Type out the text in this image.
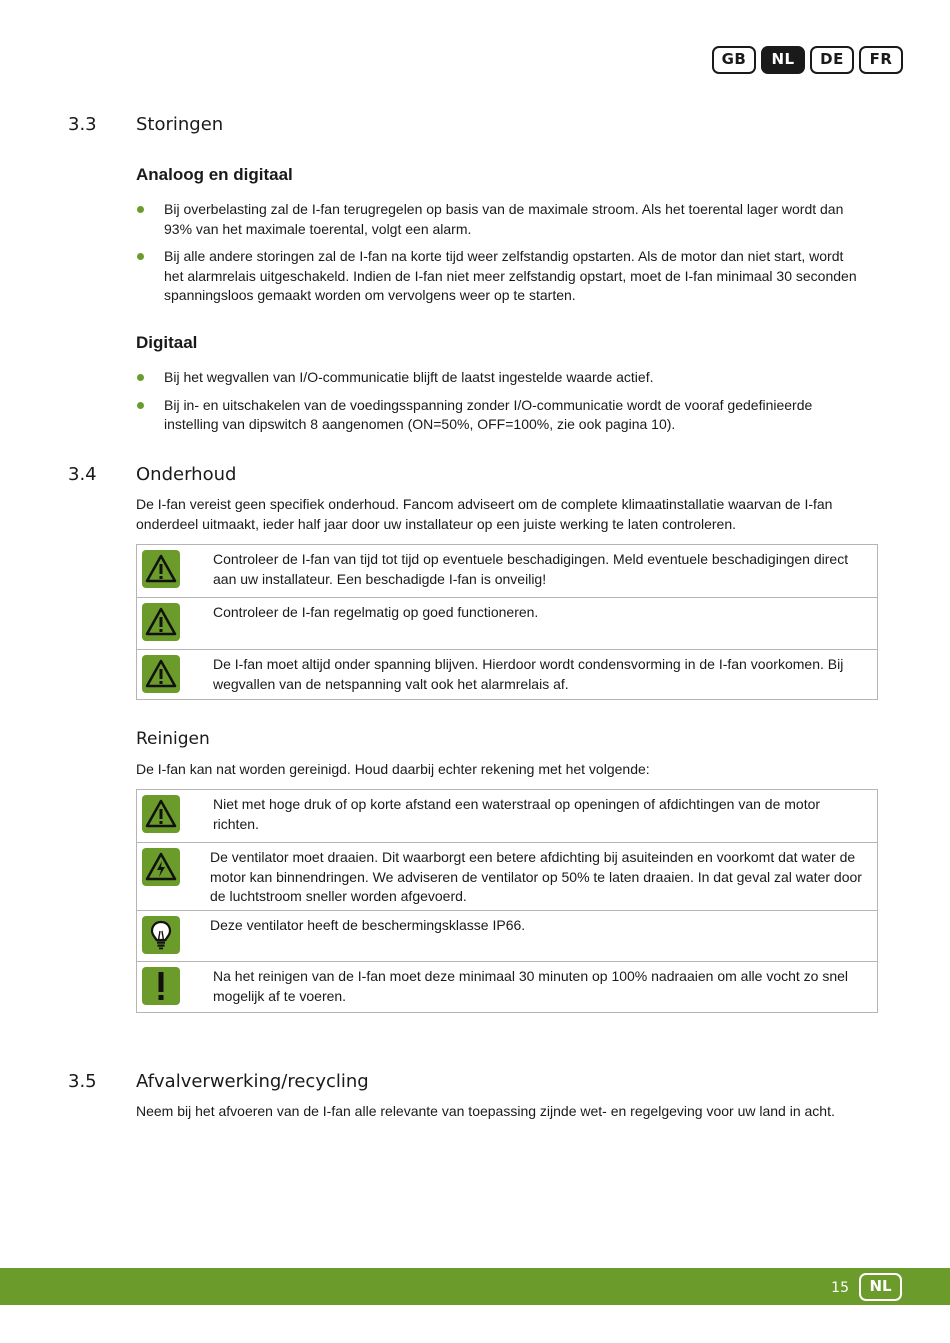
GB	NL	DE	FR
3.3 Storingen
Analoog en digitaal
Bij overbelasting zal de I-fan terugregelen op basis van de maximale stroom. Als het toerental lager wordt dan 93% van het maximale toerental, volgt een alarm.
Bij alle andere storingen zal de I-fan na korte tijd weer zelfstandig opstarten. Als de motor dan niet start, wordt het alarmrelais uitgeschakeld. Indien de I-fan niet meer zelfstandig opstart, moet de I-fan minimaal 30 seconden spanningsloos gemaakt worden om vervolgens weer op te starten.
Digitaal
Bij het wegvallen van I/O-communicatie blijft de laatst ingestelde waarde actief.
Bij in- en uitschakelen van de voedingsspanning zonder I/O-communicatie wordt de vooraf gedefinieerde instelling van dipswitch 8 aangenomen (ON=50%, OFF=100%, zie ook pagina 10).
3.4 Onderhoud
De I-fan vereist geen specifiek onderhoud. Fancom adviseert om de complete klimaatinstallatie waarvan de I-fan onderdeel uitmaakt, ieder half jaar door uw installateur op een juiste werking te laten controleren.
Controleer de I-fan van tijd tot tijd op eventuele beschadigingen. Meld eventuele beschadigingen direct aan uw installateur. Een beschadigde I-fan is onveilig!
Controleer de I-fan regelmatig op goed functioneren.
De I-fan moet altijd onder spanning blijven. Hierdoor wordt condensvorming in de I-fan voorkomen. Bij wegvallen van de netspanning valt ook het alarmrelais af.
Reinigen
De I-fan kan nat worden gereinigd. Houd daarbij echter rekening met het volgende:
Niet met hoge druk of op korte afstand een waterstraal op openingen of afdichtingen van de motor richten.
De ventilator moet draaien. Dit waarborgt een betere afdichting bij asuiteinden en voorkomt dat water de motor kan binnendringen. We adviseren de ventilator op 50% te laten draaien. In dat geval zal water door de luchtstroom sneller worden afgevoerd.
Deze ventilator heeft de beschermingsklasse IP66.
Na het reinigen van de I-fan moet deze minimaal 30 minuten op 100% nadraaien om alle vocht zo snel mogelijk af te voeren.
3.5 Afvalverwerking/recycling
Neem bij het afvoeren van de I-fan alle relevante van toepassing zijnde wet- en regelgeving voor uw land in acht.
15	NL
